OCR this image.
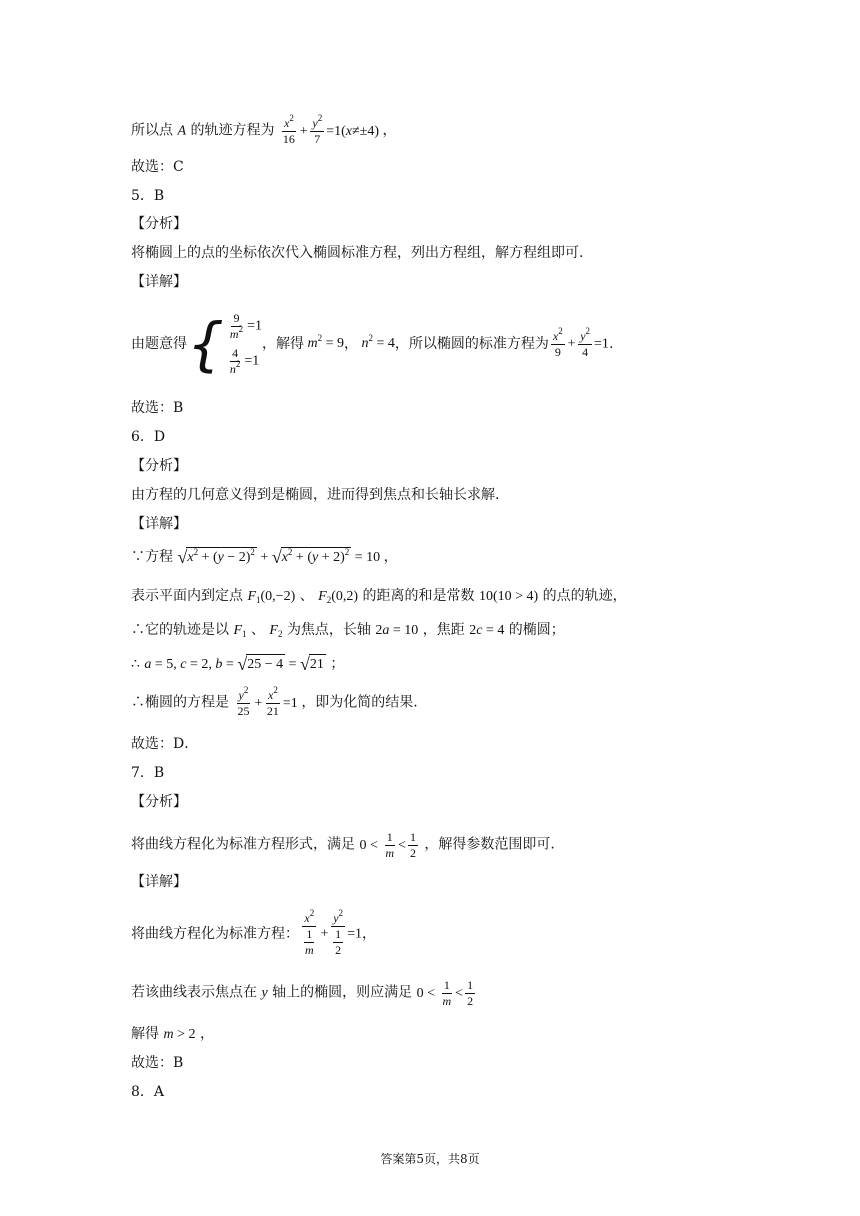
所以点 A 的轨迹方程为 $\frac{x^2}{16} + \frac{y^2}{7} =1(x\ne\pm 4)$ ，
故选：C
5．B
【分析】
将椭圆上的点的坐标依次代入椭圆标准方程，列出方程组，解方程组即可.
【详解】
由题意得 { $\frac{9}{m^2} =1$
$\frac{4}{n^2} =1$
，解得 $m^2 = 9$ ， $n^2 = 4$ ，所以椭圆的标准方程为 $\frac{x^2}{9} + \frac{y^2}{4} =1$ .
故选：B
6．D
【分析】
由方程的几何意义得到是椭圆，进而得到焦点和长轴长求解.
【详解】
∵方程 $√x^2 + (y - 2)^2 + √x^2 + (y + 2)^2 = 10$ ，
表示平面内到定点 $F_1(0,-2)$ 、 $F_2(0,2)$ 的距离的和是常数 10(10 > 4) 的点的轨迹，
∴它的轨迹是以 $F_1$ 、 $F_2$ 为焦点，长轴 2a = 10 ，焦距 2c = 4 的椭圆；
∴ a = 5, c = 2, b = √25 − 4 = √21 ；
∴椭圆的方程是 $\frac{y^2}{25} + \frac{x^2}{21} =1$ ，即为化简的结果.
故选：D．
7．B
【分析】
将曲线方程化为标准方程形式，满足 $0 < \frac{1}{m} < \frac{1}{2}$ ，解得参数范围即可.
【详解】
将曲线方程化为标准方程： $\frac{x^2}{\frac{1}{m}} + \frac{y^2}{\frac{1}{2}} =1$ ，
若该曲线表示焦点在 y 轴上的椭圆，则应满足 $0 < \frac{1}{m} < \frac{1}{2}$
解得 m > 2 ，
故选：B
8．A
答案第5页，共8页
